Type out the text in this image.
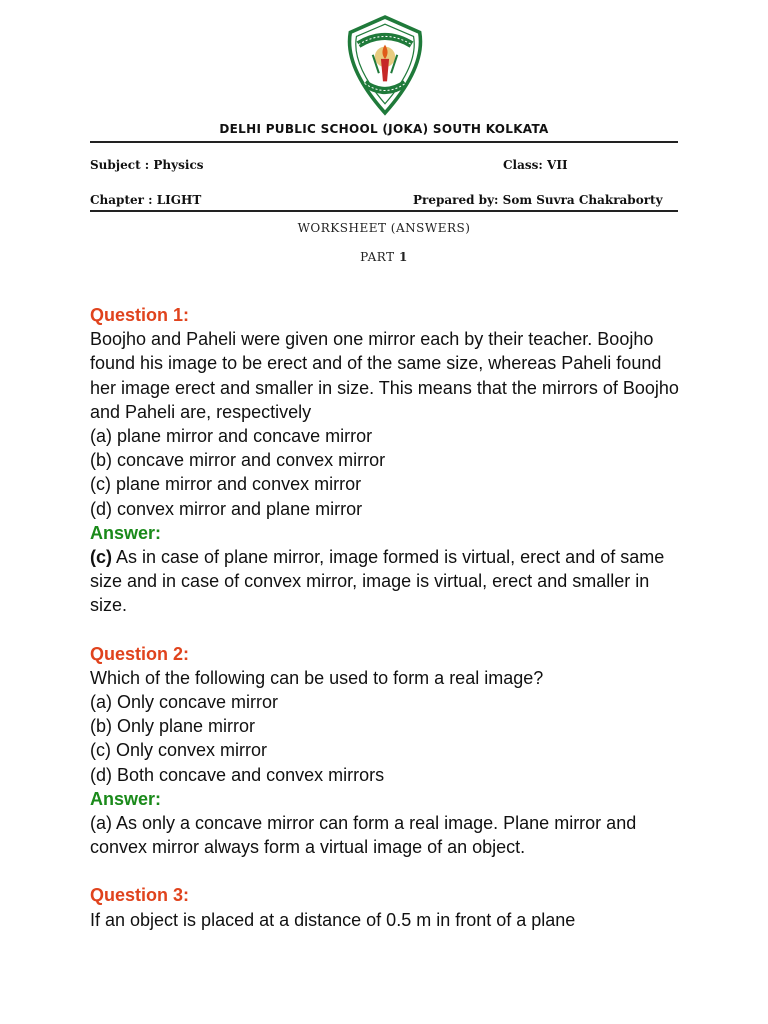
DELHI PUBLIC SCHOOL (JOKA) SOUTH KOLKATA
Subject : Physics	Class: VII
Chapter : LIGHT	Prepared by: Som Suvra Chakraborty
WORKSHEET (ANSWERS)
PART 1
Question 1:
Boojho and Paheli were given one mirror each by their teacher. Boojho found his image to be erect and of the same size, whereas Paheli found her image erect and smaller in size. This means that the mirrors of Boojho and Paheli are, respectively
(a) plane mirror and concave mirror
(b) concave mirror and convex mirror
(c) plane mirror and convex mirror
(d) convex mirror and plane mirror
Answer:
(c) As in case of plane mirror, image formed is virtual, erect and of same size and in case of convex mirror, image is virtual, erect and smaller in size.
Question 2:
Which of the following can be used to form a real image?
(a) Only concave mirror
(b) Only plane mirror
(c) Only convex mirror
(d) Both concave and convex mirrors
Answer:
(a) As only a concave mirror can form a real image. Plane mirror and convex mirror always form a virtual image of an object.
Question 3:
If an object is placed at a distance of 0.5 m in front of a plane
